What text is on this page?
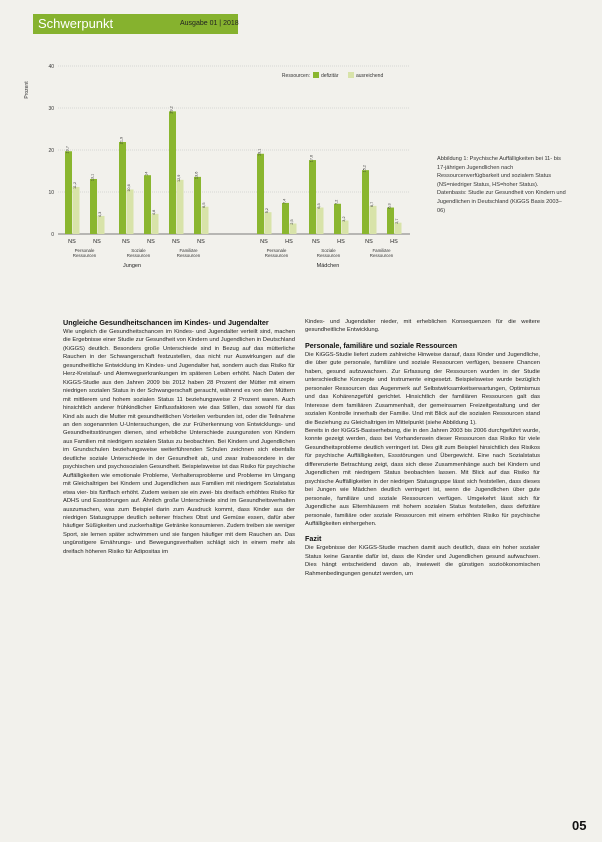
Schwerpunkt	Ausgabe 01 | 2018
0
10
20
30
40
Prozent
Ressourcen: defizitär	ausreichend
19,7
11,2
NS
13,1
4,3
NS
Personale
Ressourcen
21,9
10,6
NS
14
4,8
NS
Soziale
Ressourcen
29,2
12,9
NS
13,6
6,5
NS
Familiäre
Ressourcen
Jungen
19,1
5,2
NS
7,4
2,5
HS
Personale
Ressourcen
17,6
6,3
NS
7,2
3,2
HS
Soziale
Ressourcen
15,2
6,7
NS
6,3
2,7
HS
Familiäre
Ressourcen
Mädchen
Abbildung 1: Psychische Auffälligkeiten bei 11- bis 17-jährigen Jugendlichen nach Ressourcenverfügbarkeit und sozialem Status (NS=niedriger Status, HS=hoher Status). Datenbasis: Studie zur Gesundheit von Kindern und Jugendlichen in Deutschland (KiGGS Basis 2003–06)
Ungleiche Gesundheitschancen im Kindes- und Jugendalter

Wie ungleich die Gesundheitschancen im Kindes- und Jugendalter verteilt sind, machen die Ergebnisse einer Studie zur Gesundheit von Kindern und Jugendlichen in Deutschland (KiGGS) deutlich. Besonders große Unterschiede sind in Bezug auf das mütterliche Rauchen in der Schwangerschaft festzustellen, das nicht nur Auswirkungen auf die gesundheitliche Entwicklung im Kindes- und Jugendalter hat, sondern auch das Risiko für Herz-Kreislauf- und Atemwegserkrankungen im späteren Leben erhöht. Nach Daten der KiGGS-Studie aus den Jahren 2009 bis 2012 haben 28 Prozent der Mütter mit einem niedrigen sozialen Status in der Schwangerschaft geraucht, während es von den Müttern mit mittlerem und hohem sozialen Status 11 beziehungsweise 2 Prozent waren. Auch hinsichtlich anderer frühkindlicher Einflussfaktoren wie das Stillen, das sowohl für das Kind als auch die Mutter mit gesundheitlichen Vorteilen verbunden ist, oder die Teilnahme an den sogenannten U-Untersuchungen, die zur Früherkennung von Entwicklungs- und Gesundheitsstörungen dienen, sind erhebliche Unterschiede zuungunsten von Kindern aus Familien mit niedrigem sozialen Status zu beobachten. Bei Kindern und Jugendlichen im Grundschulen beziehungsweise weiterführenden Schulen zeichnen sich ebenfalls deutliche soziale Unterschiede in der Gesundheit ab, und zwar insbesondere in der psychischen und psychosozialen Gesundheit. Beispielsweise ist das Risiko für psychische Auffälligkeiten wie emotionale Probleme, Verhaltensprobleme und Probleme im Umgang mit Gleichaltrigen bei Kindern und Jugendlichen aus Familien mit niedrigem Sozialstatus etwa vier- bis fünffach erhöht. Zudem weisen sie ein zwei- bis dreifach erhöhtes Risiko für ADHS und Essstörungen auf. Ähnlich große Unterschiede sind im Gesundheitsverhalten auszumachen, was zum Beispiel darin zum Ausdruck kommt, dass Kinder aus der niedrigen Statusgruppe deutlich seltener frisches Obst und Gemüse essen, dafür aber häufiger Süßigkeiten und zuckerhaltige Getränke konsumieren. Zudem treiben sie weniger Sport, sie lernen später schwimmen und sie fangen häufiger mit dem Rauchen an. Das ungünstigere Ernährungs- und Bewegungsverhalten schlägt sich in einem mehr als dreifach höheren Risiko für Adipositas im

Kindes- und Jugendalter nieder, mit erheblichen Konsequenzen für die weitere gesundheitliche Entwicklung.

Personale, familiäre und soziale Ressourcen

Die KiGGS-Studie liefert zudem zahlreiche Hinweise darauf, dass Kinder und Jugendliche, die über gute personale, familiäre und soziale Ressourcen verfügen, bessere Chancen haben, gesund aufzuwachsen. Zur Erfassung der Ressourcen wurden in der Studie unterschiedliche Konzepte und Instrumente eingesetzt. Beispielsweise wurde bezüglich personaler Ressourcen das Augenmerk auf Selbstwirksamkeitserwartungen, Optimismus und das Kohärenzgefühl gerichtet. Hinsichtlich der familiären Ressourcen galt das Interesse dem familiären Zusammenhalt, der gemeinsamen Freizeitgestaltung und der sozialen Kontrolle innerhalb der Familie. Und mit Blick auf die sozialen Ressourcen stand die Beziehung zu Gleichaltrigen im Mittelpunkt (siehe Abbildung 1).

Bereits in der KiGGS-Basiserhebung, die in den Jahren 2003 bis 2006 durchgeführt wurde, konnte gezeigt werden, dass bei Vorhandensein dieser Ressourcen das Risiko für viele Gesundheitsprobleme deutlich verringert ist. Dies gilt zum Beispiel hinsichtlich des Risikos für psychische Auffälligkeiten, Essstörungen und Übergewicht. Eine nach Sozialstatus differenzierte Betrachtung zeigt, dass sich diese Zusammenhänge auch bei Kindern und Jugendlichen mit niedrigem Status beobachten lassen. Mit Blick auf das Risiko für psychische Auffälligkeiten in der niedrigen Statusgruppe lässt sich feststellen, dass dieses bei Jungen wie Mädchen deutlich verringert ist, wenn die Jugendlichen über gute personale, familiäre und soziale Ressourcen verfügen. Umgekehrt lässt sich für Jugendliche aus Elternhäusern mit hohem sozialen Status feststellen, dass defizitäre personale, familiäre oder soziale Ressourcen mit einem erhöhten Risiko für psychische Auffälligkeiten einhergehen.

Fazit

Die Ergebnisse der KiGGS-Studie machen damit auch deutlich, dass ein hoher sozialer Status keine Garantie dafür ist, dass die Kinder und Jugendlichen gesund aufwachsen. Dies hängt entscheidend davon ab, inwieweit die günstigen sozioökonomischen Rahmenbedingungen genutzt werden, um

05
